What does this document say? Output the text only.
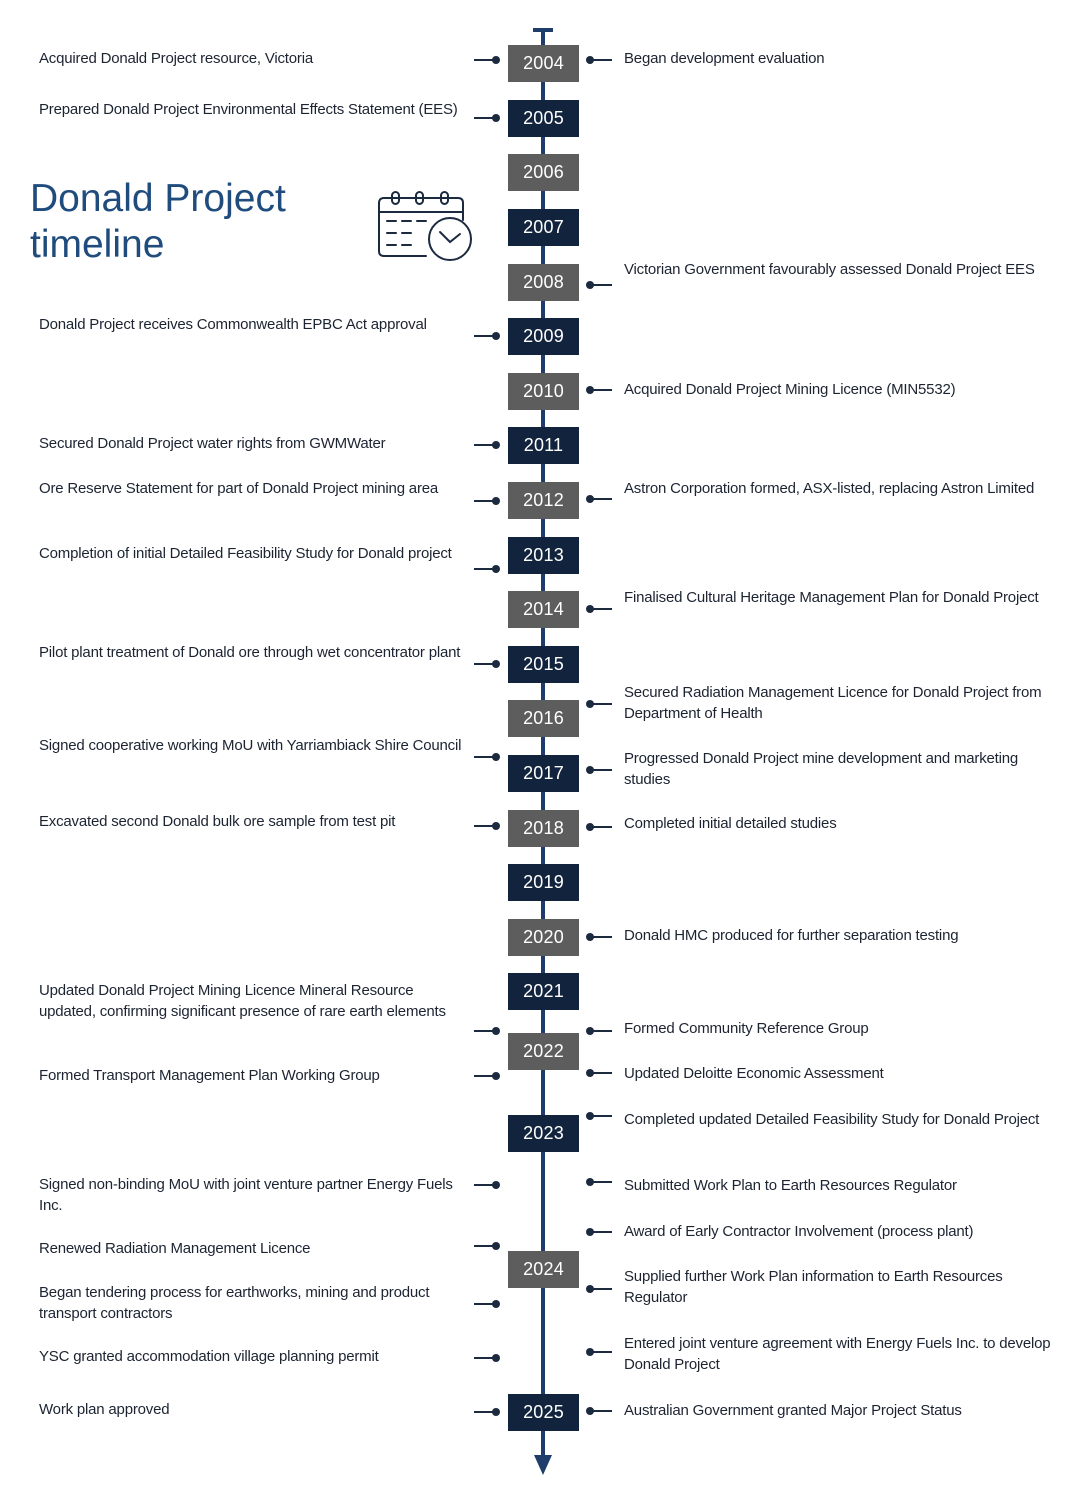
Donald Project timeline
2004
2005
2006
2007
2008
2009
2010
2011
2012
2013
2014
2015
2016
2017
2018
2019
2020
2021
2022
2023
2024
2025
Acquired Donald Project resource, Victoria
Prepared Donald Project Environmental Effects Statement (EES)
Donald Project receives Commonwealth EPBC Act approval
Secured Donald Project water rights from GWMWater
Ore Reserve Statement for part of Donald Project mining area
Completion of initial Detailed Feasibility Study for Donald project
Pilot plant treatment of Donald ore through wet concentrator plant
Signed cooperative working MoU with Yarriambiack Shire Council
Excavated second Donald bulk ore sample from test pit
Updated Donald Project Mining Licence Mineral Resource updated, confirming significant presence of rare earth elements
Formed Transport Management Plan Working Group
Signed non-binding MoU with joint venture partner Energy Fuels Inc.
Renewed Radiation Management Licence
Began tendering process for earthworks, mining and product transport contractors
YSC granted accommodation village planning permit
Work plan approved
Began development evaluation
Victorian Government favourably assessed Donald Project EES
Acquired Donald Project Mining Licence (MIN5532)
Astron Corporation formed, ASX-listed, replacing Astron Limited
Finalised Cultural Heritage Management Plan for Donald Project
Secured Radiation Management Licence for Donald Project from Department of Health
Progressed Donald Project mine development and marketing studies
Completed initial detailed studies
Donald HMC produced for further separation testing
Formed Community Reference Group
Updated Deloitte Economic Assessment
Completed updated Detailed Feasibility Study for Donald Project
Submitted Work Plan to Earth Resources Regulator
Award of Early Contractor Involvement (process plant)
Supplied further Work Plan information to Earth Resources Regulator
Entered joint venture agreement with Energy Fuels Inc. to develop Donald Project
Australian Government granted Major Project Status
